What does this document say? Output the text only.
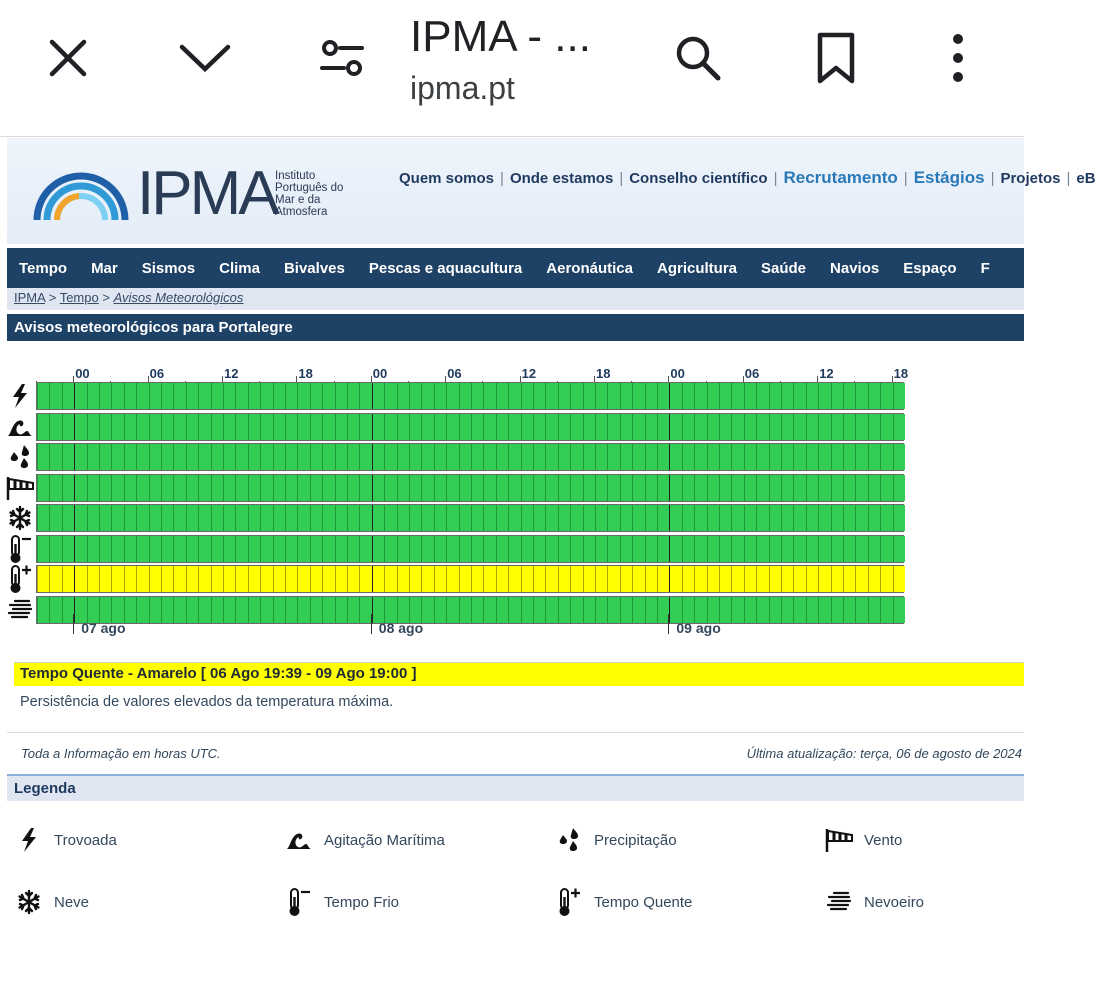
IPMA - ...
ipma.pt
IPMA
Instituto Português do Mar e da Atmosfera
Quem somos | Onde estamos | Conselho científico | Recrutamento | Estágios | Projetos | eB
Tempo	Mar	Sismos	Clima	Bivalves	Pescas e aquacultura	Aeronáutica	Agricultura	Saúde	Navios	Espaço	F
IPMA > Tempo > Avisos Meteorológicos
Avisos meteorológicos para Portalegre
00	06	12	18	00	06	12	18	00	06	12	18
07 ago	08 ago	09 ago
Tempo Quente - Amarelo [ 06 Ago 19:39 - 09 Ago 19:00 ]
Persistência de valores elevados da temperatura máxima.
Toda a Informação em horas UTC.	Última atualização: terça, 06 de agosto de 2024
Legenda
Trovoada	Agitação Marítima	Precipitação	Vento
Neve	Tempo Frio	Tempo Quente	Nevoeiro
